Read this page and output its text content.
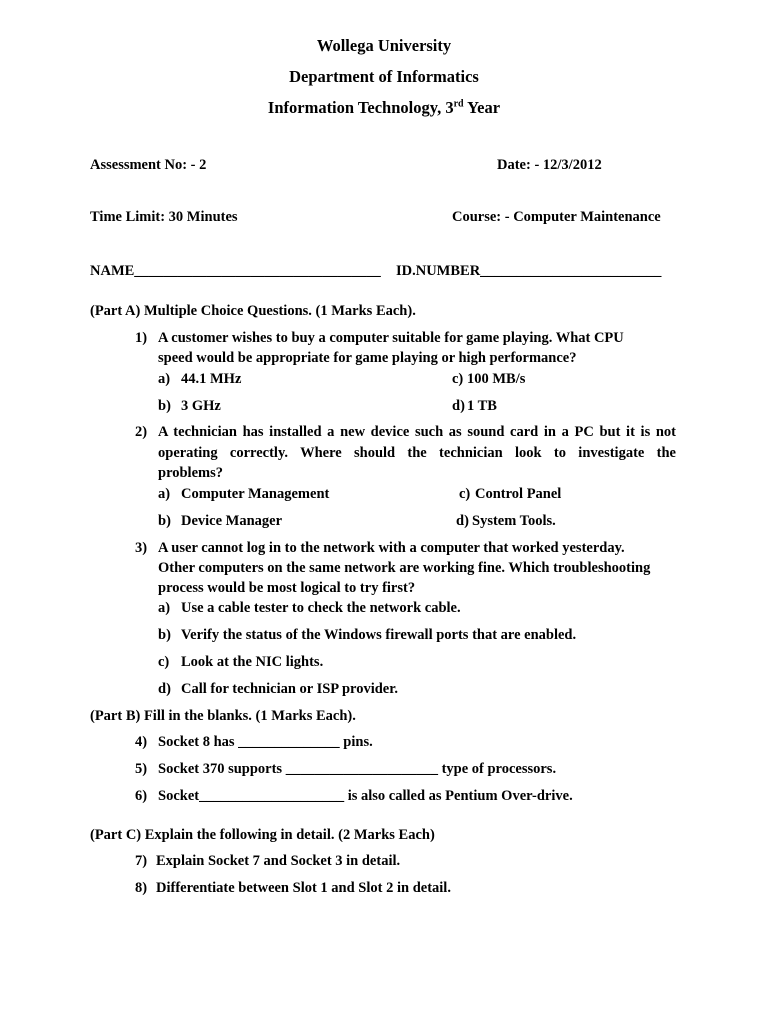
Wollega University
Department of Informatics
Information Technology, 3rd Year
Assessment No: - 2	Date: - 12/3/2012
Time Limit: 30 Minutes	Course: - Computer Maintenance
NAME__________________________________ ID.NUMBER_________________________
(Part A) Multiple Choice Questions. (1 Marks Each).
1) A customer wishes to buy a computer suitable for game playing. What CPU
speed would be appropriate for game playing or high performance?
a) 44.1 MHz	c) 100 MB/s
b) 3 GHz	d) 1 TB
2) A technician has installed a new device such as sound card in a PC but it is not
operating correctly. Where should the technician look to investigate the
problems?
a) Computer Management	c) Control Panel
b) Device Manager	d) System Tools.
3) A user cannot log in to the network with a computer that worked yesterday.
Other computers on the same network are working fine. Which troubleshooting
process would be most logical to try first?
a) Use a cable tester to check the network cable.
b) Verify the status of the Windows firewall ports that are enabled.
c) Look at the NIC lights.
d) Call for technician or ISP provider.
(Part B) Fill in the blanks. (1 Marks Each).
4) Socket 8 has ______________ pins.
5) Socket 370 supports _____________________ type of processors.
6) Socket____________________ is also called as Pentium Over-drive.
(Part C) Explain the following in detail. (2 Marks Each)
7) Explain Socket 7 and Socket 3 in detail.
8) Differentiate between Slot 1 and Slot 2 in detail.
